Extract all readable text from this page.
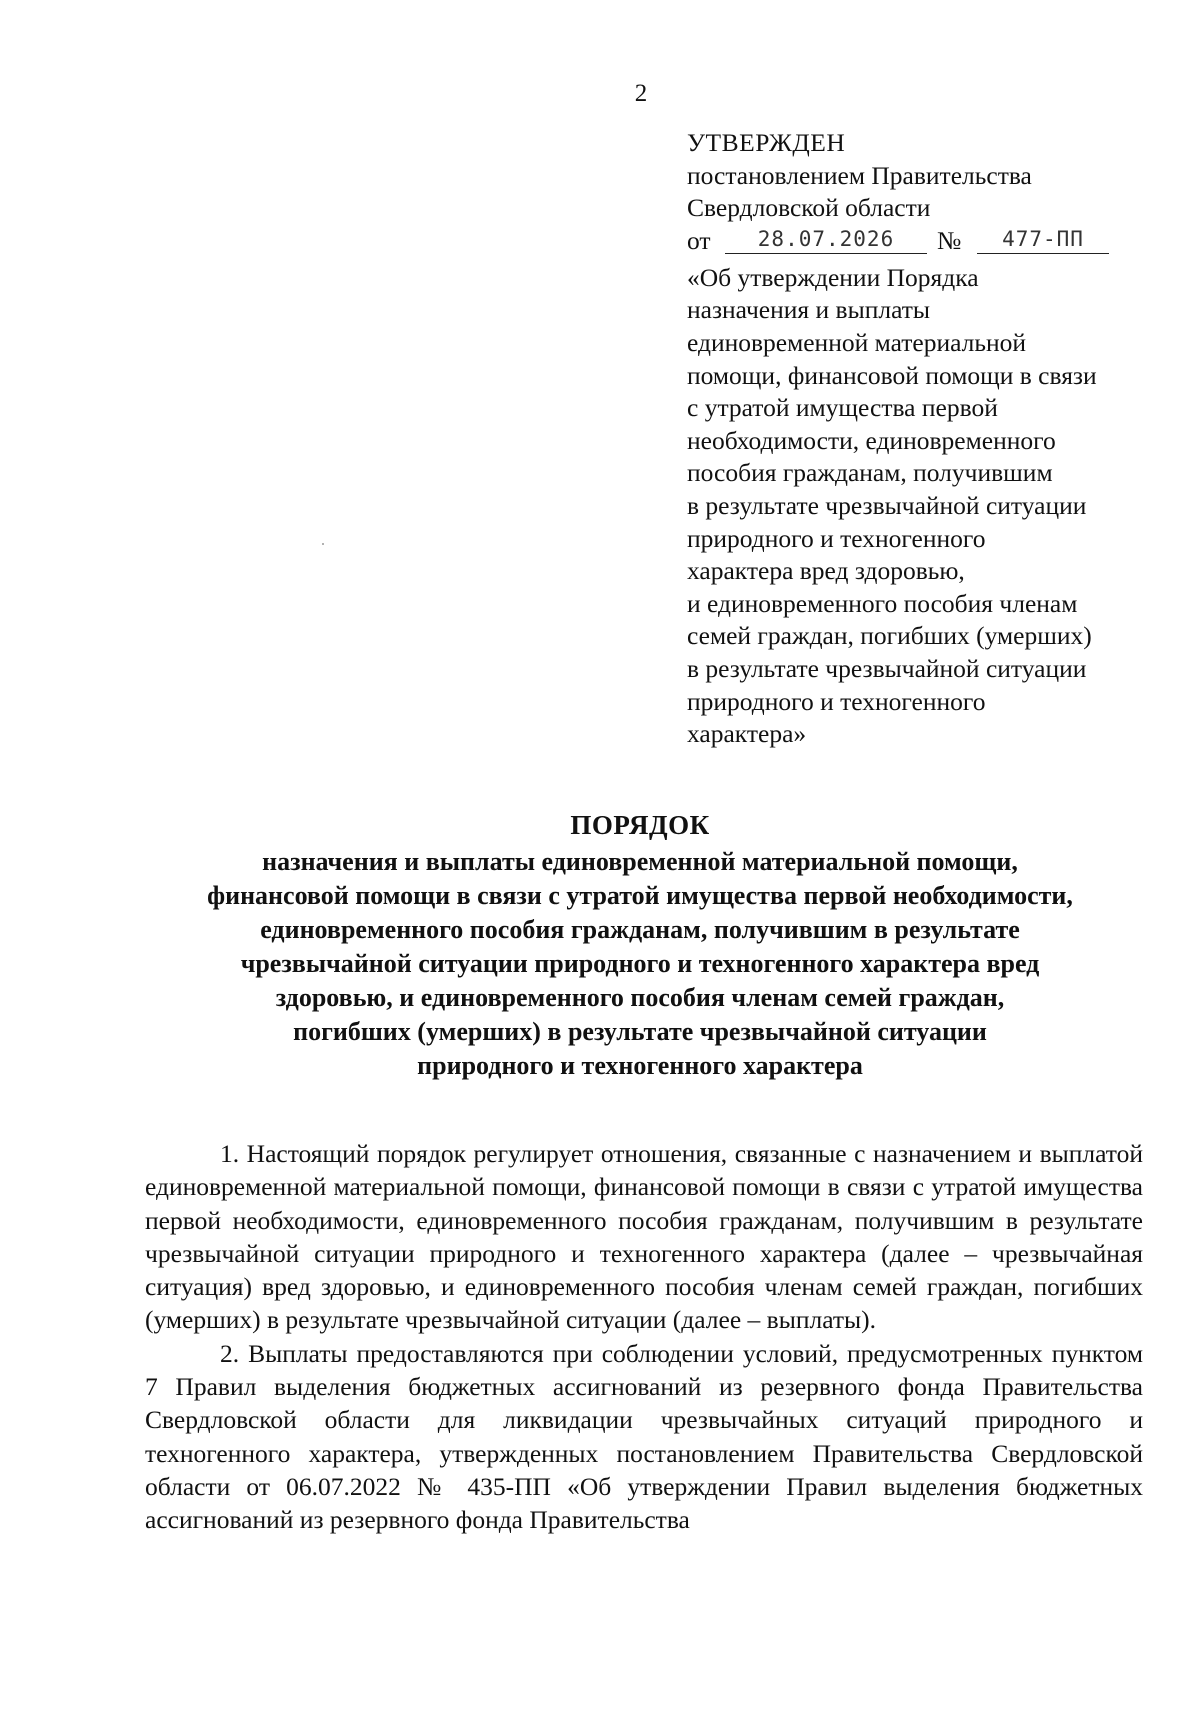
2
УТВЕРЖДЕН
постановлением Правительства
Свердловской области
от	28.07.2026	№	477-ПП
«Об утверждении Порядка
назначения и выплаты
единовременной материальной
помощи, финансовой помощи в связи
с утратой имущества первой
необходимости, единовременного
пособия гражданам, получившим
в результате чрезвычайной ситуации
природного и техногенного
характера вред здоровью,
и единовременного пособия членам
семей граждан, погибших (умерших)
в результате чрезвычайной ситуации
природного и техногенного
характера»
ПОРЯДОК
назначения и выплаты единовременной материальной помощи,
финансовой помощи в связи с утратой имущества первой необходимости,
единовременного пособия гражданам, получившим в результате
чрезвычайной ситуации природного и техногенного характера вред
здоровью, и единовременного пособия членам семей граждан,
погибших (умерших) в результате чрезвычайной ситуации
природного и техногенного характера

1. Настоящий порядок регулирует отношения, связанные с назначением и выплатой единовременной материальной помощи, финансовой помощи в связи с утратой имущества первой необходимости, единовременного пособия гражданам, получившим в результате чрезвычайной ситуации природного и техногенного характера (далее – чрезвычайная ситуация) вред здоровью, и единовременного пособия членам семей граждан, погибших (умерших) в результате чрезвычайной ситуации (далее – выплаты).

2. Выплаты предоставляются при соблюдении условий, предусмотренных пунктом 7 Правил выделения бюджетных ассигнований из резервного фонда Правительства Свердловской области для ликвидации чрезвычайных ситуаций природного и техногенного характера, утвержденных постановлением Правительства Свердловской области от 06.07.2022 № 435-ПП «Об утверждении Правил выделения бюджетных ассигнований из резервного фонда Правительства
